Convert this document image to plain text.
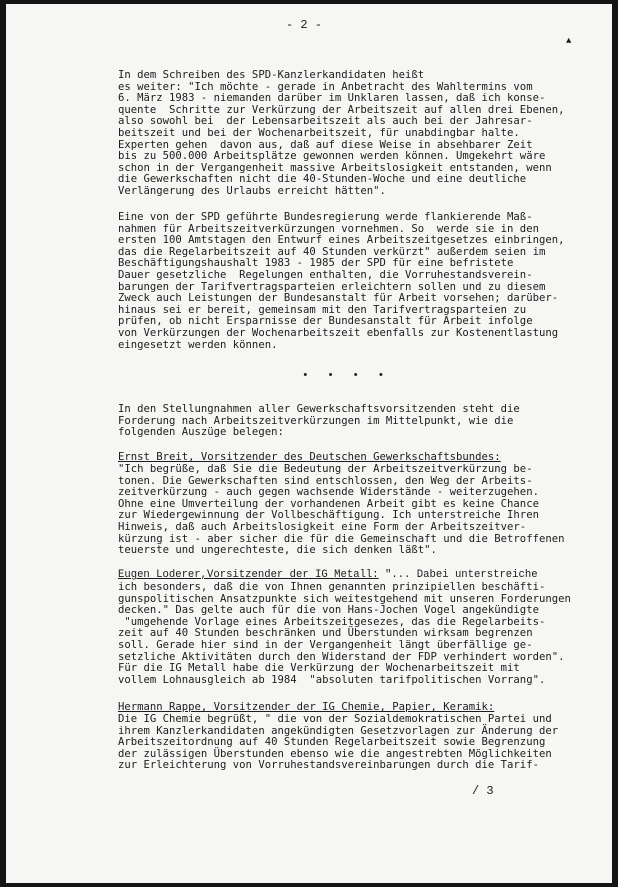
- 2 -
▲
In dem Schreiben des SPD-Kanzlerkandidaten heißt
es weiter: "Ich möchte - gerade in Anbetracht des Wahltermins vom
6. März 1983 - niemanden darüber im Unklaren lassen, daß ich konse-
quente  Schritte zur Verkürzung der Arbeitszeit auf allen drei Ebenen,
also sowohl bei  der Lebensarbeitszeit als auch bei der Jahresar-
beitszeit und bei der Wochenarbeitszeit, für unabdingbar halte.
Experten gehen  davon aus, daß auf diese Weise in absehbarer Zeit
bis zu 500.000 Arbeitsplätze gewonnen werden können. Umgekehrt wäre
schon in der Vergangenheit massive Arbeitslosigkeit entstanden, wenn
die Gewerkschaften nicht die 40-Stunden-Woche und eine deutliche
Verlängerung des Urlaubs erreicht hätten".
Eine von der SPD geführte Bundesregierung werde flankierende Maß-
nahmen für Arbeitszeitverkürzungen vornehmen. So  werde sie in den
ersten 100 Amtstagen den Entwurf eines Arbeitszeitgesetzes einbringen,
das die Regelarbeitszeit auf 40 Stunden verkürzt" außerdem seien im
Beschäftigungshaushalt 1983 - 1985 der SPD für eine befristete
Dauer gesetzliche  Regelungen enthalten, die Vorruhestandsverein-
barungen der Tarifvertragsparteien erleichtern sollen und zu diesem
Zweck auch Leistungen der Bundesanstalt für Arbeit vorsehen; darüber-
hinaus sei er bereit, gemeinsam mit den Tarifvertragsparteien zu
prüfen, ob nicht Ersparnisse der Bundesanstalt für Arbeit infolge
von Verkürzungen der Wochenarbeitszeit ebenfalls zur Kostenentlastung
eingesetzt werden können.
• • • •
In den Stellungnahmen aller Gewerkschaftsvorsitzenden steht die
Forderung nach Arbeitszeitverkürzungen im Mittelpunkt, wie die
folgenden Auszüge belegen:
Ernst Breit, Vorsitzender des Deutschen Gewerkschaftsbundes:
"Ich begrüße, daß Sie die Bedeutung der Arbeitszeitverkürzung be-
tonen. Die Gewerkschaften sind entschlossen, den Weg der Arbeits-
zeitverkürzung - auch gegen wachsende Widerstände - weiterzugehen.
Ohne eine Umverteilung der vorhandenen Arbeit gibt es keine Chance
zur Wiedergewinnung der Vollbeschäftigung. Ich unterstreiche Ihren
Hinweis, daß auch Arbeitslosigkeit eine Form der Arbeitszeitver-
kürzung ist - aber sicher die für die Gemeinschaft und die Betroffenen
teuerste und ungerechteste, die sich denken läßt".
Eugen Loderer,Vorsitzender der IG Metall: "... Dabei unterstreiche
ich besonders, daß die von Ihnen genannten prinzipiellen beschäfti-
gunspolitischen Ansatzpunkte sich weitestgehend mit unseren Forderungen
decken." Das gelte auch für die von Hans-Jochen Vogel angekündigte
"umgehende Vorlage eines Arbeitszeitgesezes, das die Regelarbeits-
zeit auf 40 Stunden beschränken und Überstunden wirksam begrenzen
soll. Gerade hier sind in der Vergangenheit längt überfällige ge-
setzliche Aktivitäten durch den Widerstand der FDP verhindert worden".
Für die IG Metall habe die Verkürzung der Wochenarbeitszeit mit
vollem Lohnausgleich ab 1984  "absoluten tarifpolitischen Vorrang".
Hermann Rappe, Vorsitzender der IG Chemie, Papier, Keramik:
Die IG Chemie begrüßt, " die von der Sozialdemokratischen Partei und
ihrem Kanzlerkandidaten angekündigten Gesetzvorlagen zur Änderung der
Arbeitszeitordnung auf 40 Stunden Regelarbeitszeit sowie Begrenzung
der zulässigen Überstunden ebenso wie die angestrebten Möglichkeiten
zur Erleichterung von Vorruhestandsvereinbarungen durch die Tarif-
/ 3
